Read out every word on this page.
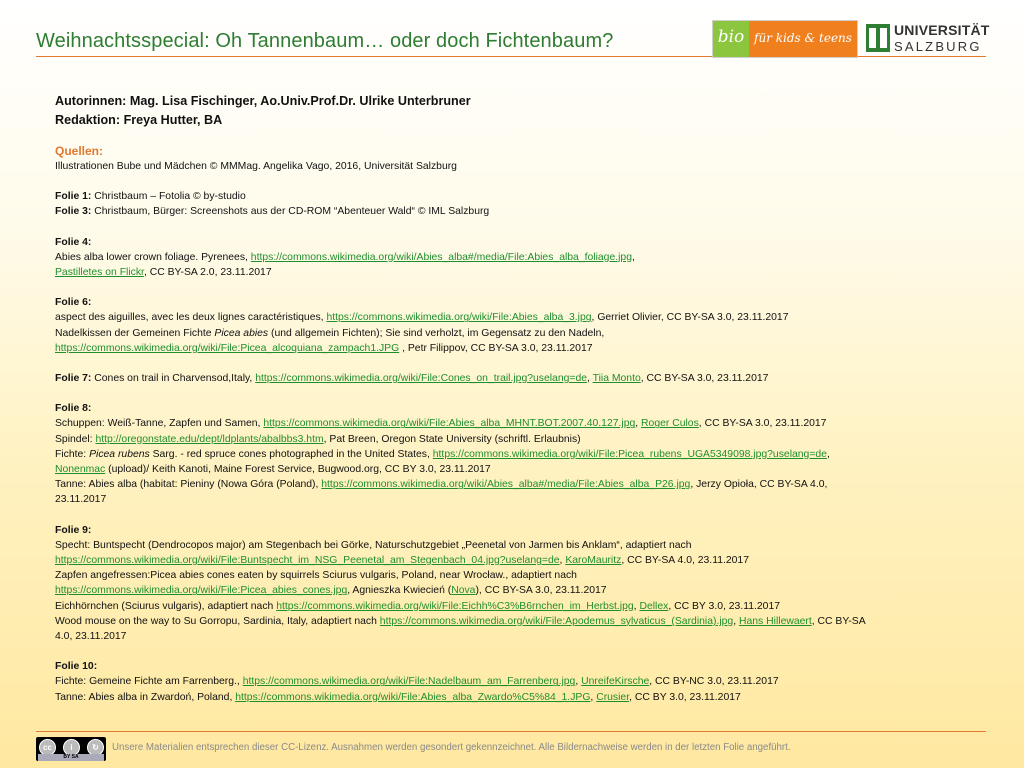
Weihnachtsspecial: Oh Tannenbaum… oder doch Fichtenbaum?	bio für kids & teens	UNIVERSITÄT
SALZBURG
Autorinnen: Mag. Lisa Fischinger, Ao.Univ.Prof.Dr. Ulrike Unterbruner
Redaktion: Freya Hutter, BA
Quellen:
Illustrationen Bube und Mädchen © MMMag. Angelika Vago, 2016, Universität Salzburg
Folie 1: Christbaum – Fotolia © by-studio
Folie 3: Christbaum, Bürger: Screenshots aus der CD-ROM “Abenteuer Wald“ © IML Salzburg
Folie 4:
Abies alba lower crown foliage. Pyrenees, https://commons.wikimedia.org/wiki/Abies_alba#/media/File:Abies_alba_foliage.jpg,
Pastilletes on Flickr, CC BY-SA 2.0, 23.11.2017
Folie 6:
aspect des aiguilles, avec les deux lignes caractéristiques, https://commons.wikimedia.org/wiki/File:Abies_alba_3.jpg, Gerriet Olivier, CC BY-SA 3.0, 23.11.2017
Nadelkissen der Gemeinen Fichte Picea abies (und allgemein Fichten); Sie sind verholzt, im Gegensatz zu den Nadeln,
https://commons.wikimedia.org/wiki/File:Picea_alcoquiana_zampach1.JPG , Petr Filippov, CC BY-SA 3.0, 23.11.2017
Folie 7: Cones on trail in Charvensod,Italy, https://commons.wikimedia.org/wiki/File:Cones_on_trail.jpg?uselang=de, Tiia Monto, CC BY-SA 3.0, 23.11.2017
Folie 8:
Schuppen: Weiß-Tanne, Zapfen und Samen, https://commons.wikimedia.org/wiki/File:Abies_alba_MHNT.BOT.2007.40.127.jpg, Roger Culos, CC BY-SA 3.0, 23.11.2017
Spindel: http://oregonstate.edu/dept/ldplants/abalbbs3.htm, Pat Breen, Oregon State University (schriftl. Erlaubnis)
Fichte: Picea rubens Sarg. - red spruce cones photographed in the United States, https://commons.wikimedia.org/wiki/File:Picea_rubens_UGA5349098.jpg?uselang=de,
Nonenmac (upload)/ Keith Kanoti, Maine Forest Service, Bugwood.org, CC BY 3.0, 23.11.2017
Tanne: Abies alba (habitat: Pieniny (Nowa Góra (Poland), https://commons.wikimedia.org/wiki/Abies_alba#/media/File:Abies_alba_P26.jpg, Jerzy Opioła, CC BY-SA 4.0,
23.11.2017
Folie 9:
Specht: Buntspecht (Dendrocopos major) am Stegenbach bei Görke, Naturschutzgebiet „Peenetal von Jarmen bis Anklam“, adaptiert nach
https://commons.wikimedia.org/wiki/File:Buntspecht_im_NSG_Peenetal_am_Stegenbach_04.jpg?uselang=de, KaroMauritz, CC BY-SA 4.0, 23.11.2017
Zapfen angefressen:Picea abies cones eaten by squirrels Sciurus vulgaris, Poland, near Wrocław., adaptiert nach
https://commons.wikimedia.org/wiki/File:Picea_abies_cones.jpg, Agnieszka Kwiecień (Nova), CC BY-SA 3.0, 23.11.2017
Eichhörnchen (Sciurus vulgaris), adaptiert nach https://commons.wikimedia.org/wiki/File:Eichh%C3%B6rnchen_im_Herbst.jpg, Dellex, CC BY 3.0, 23.11.2017
Wood mouse on the way to Su Gorropu, Sardinia, Italy, adaptiert nach https://commons.wikimedia.org/wiki/File:Apodemus_sylvaticus_(Sardinia).jpg, Hans Hillewaert, CC BY-SA
4.0, 23.11.2017
Folie 10:
Fichte: Gemeine Fichte am Farrenberg., https://commons.wikimedia.org/wiki/File:Nadelbaum_am_Farrenberg.jpg, UnreifeKirsche, CC BY-NC 3.0, 23.11.2017
Tanne: Abies alba in Zwardoń, Poland, https://commons.wikimedia.org/wiki/File:Abies_alba_Zwardo%C5%84_1.JPG, Crusier, CC BY 3.0, 23.11.2017
cc	i	↻
BY SA
Unsere Materialien entsprechen dieser CC-Lizenz. Ausnahmen werden gesondert gekennzeichnet. Alle Bildernachweise werden in der letzten Folie angeführt.
